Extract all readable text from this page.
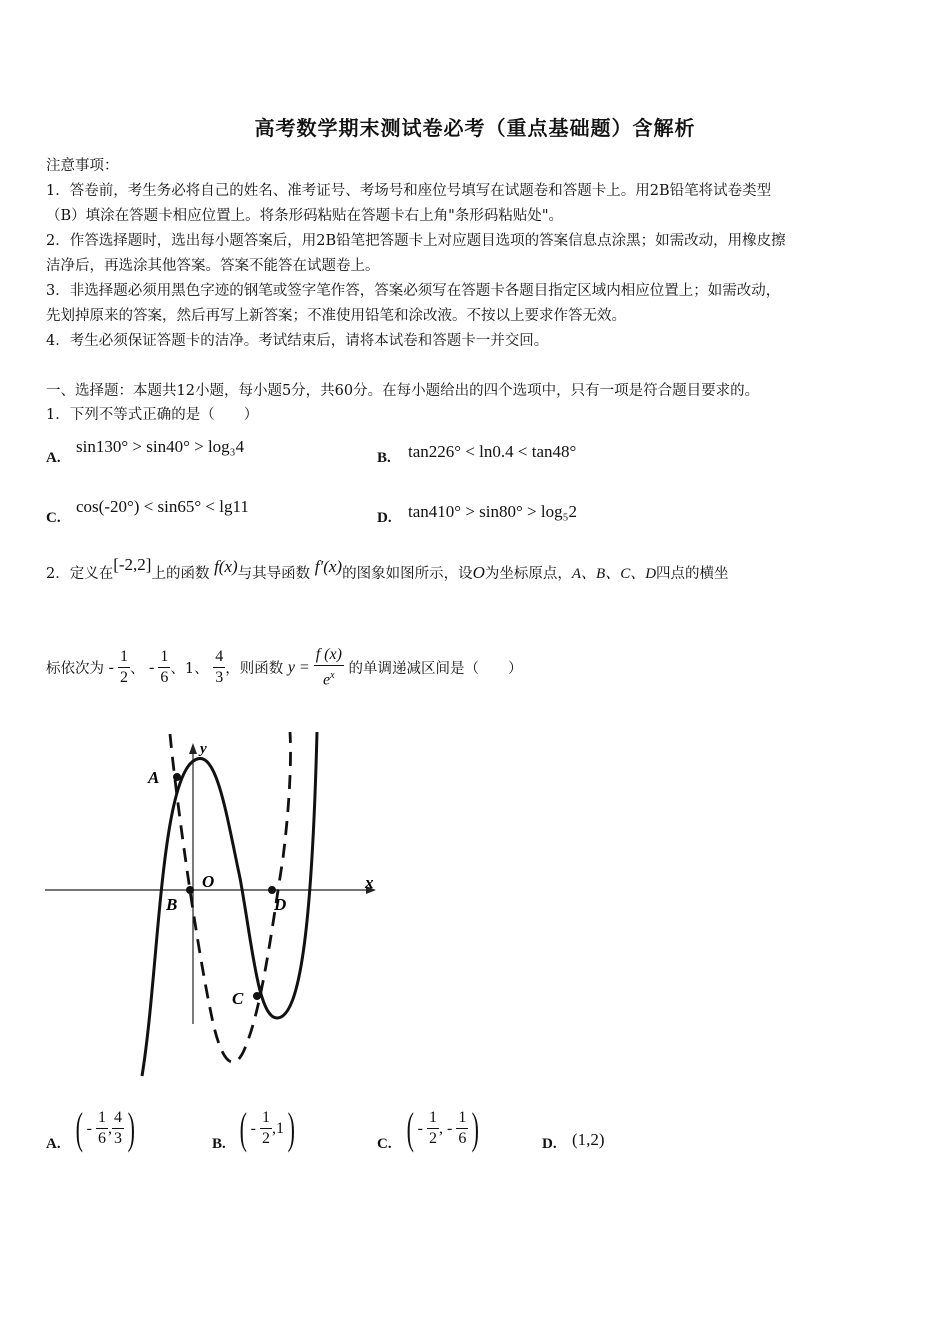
高考数学期末测试卷必考（重点基础题）含解析
注意事项：
1．答卷前，考生务必将自己的姓名、准考证号、考场号和座位号填写在试题卷和答题卡上。用2B铅笔将试卷类型
（B）填涂在答题卡相应位置上。将条形码粘贴在答题卡右上角"条形码粘贴处"。
2．作答选择题时，选出每小题答案后，用2B铅笔把答题卡上对应题目选项的答案信息点涂黑；如需改动，用橡皮擦
洁净后，再选涂其他答案。答案不能答在试题卷上。
3．非选择题必须用黑色字迹的钢笔或签字笔作答，答案必须写在答题卡各题目指定区域内相应位置上；如需改动，
先划掉原来的答案，然后再写上新答案；不准使用铅笔和涂改液。不按以上要求作答无效。
4．考生必须保证答题卡的洁净。考试结束后，请将本试卷和答题卡一并交回。
一、选择题：本题共12小题，每小题5分，共60分。在每小题给出的四个选项中，只有一项是符合题目要求的。
1．下列不等式正确的是（　　）
A.
sin130° > sin40° > log₃4
B. tan226° < ln0.4 < tan48°
C.
cos(-20°) < sin65° < lg11
D. tan410° > sin80° > log₅2
2．定义在[-2,2]上的函数 f(x)与其导函数 f′(x)的图象如图所示，设O为坐标原点，A、B、C、D四点的横坐
标依次为 - $\frac{1}{2}$ 、 - $\frac{1}{6}$ 、1、 $\frac{4}{3}$ ，则函数 $y = \frac{f (x)}{e^x}$ 的单调递减区间是（　　）
A
B
O
D
C
x
y
A. ( - $\frac{1}{6}$ , $\frac{4}{3}$ )	B. ( - $\frac{1}{2} ,1$)	C. ( - $\frac{1}{2}$ , - $\frac{1}{6}$ )	D. (1,2)
